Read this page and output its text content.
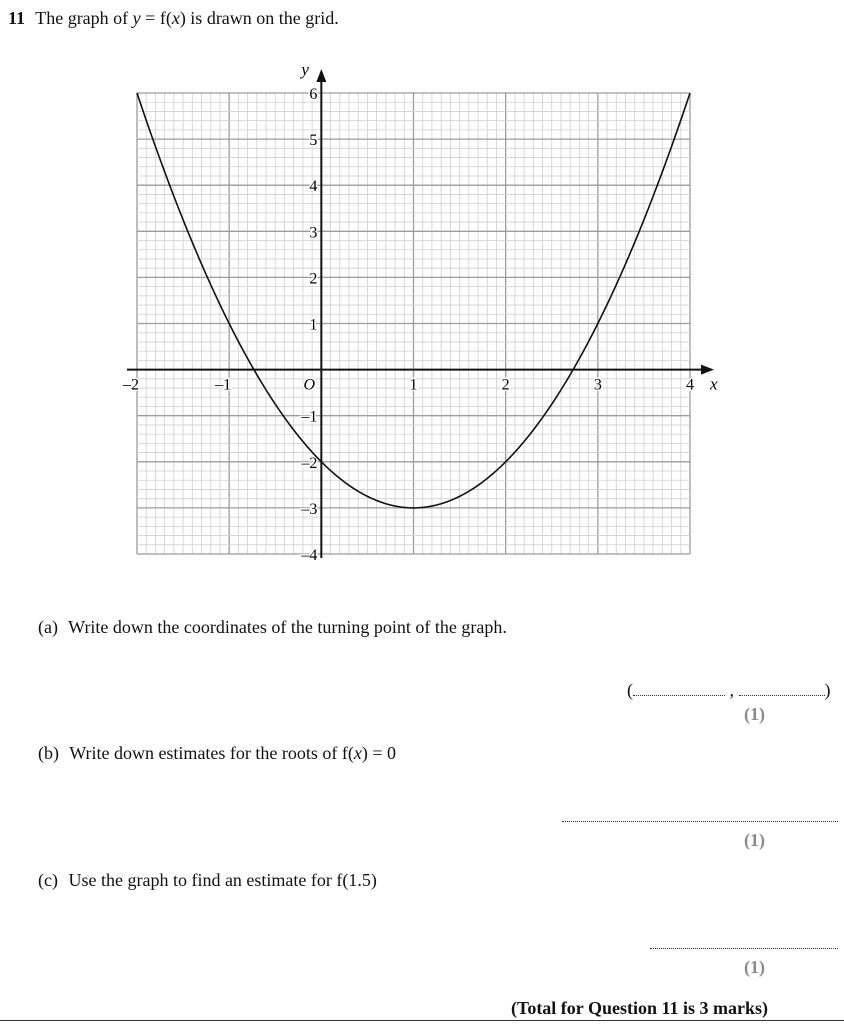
11 The graph of y = f(x) is drawn on the grid.
x
y
–2	–1	O	1	2	3	4
–4
–3
–2
–1
1
2
3
4
5
6
(a) Write down the coordinates of the turning point of the graph.
(	,	)
(1)
(b) Write down estimates for the roots of f(x) = 0
(1)
(c) Use the graph to find an estimate for f(1.5)
(1)
(Total for Question 11 is 3 marks)
